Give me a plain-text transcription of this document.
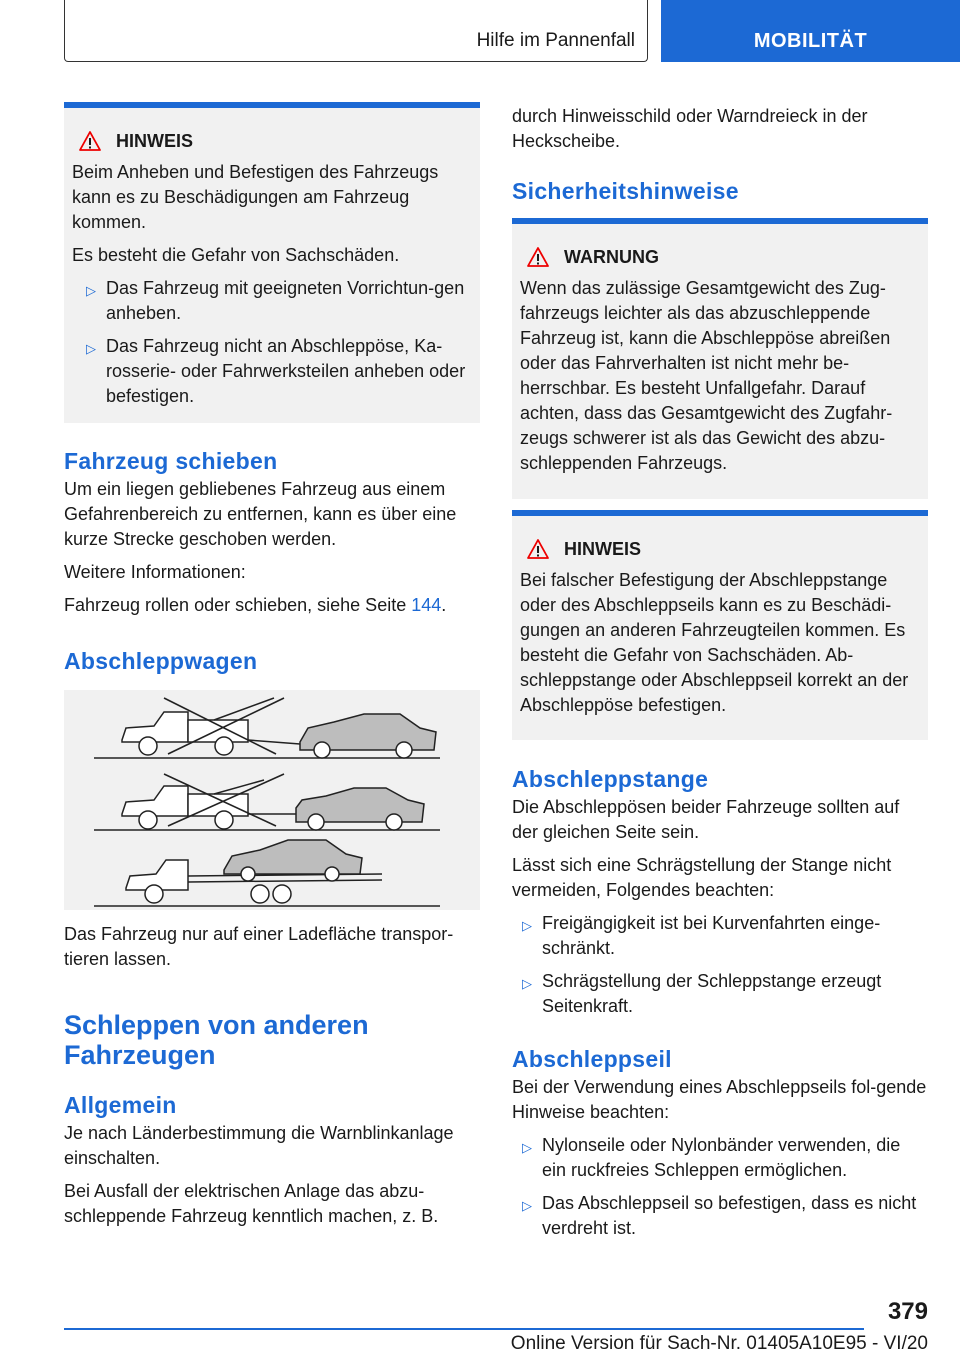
Hilfe im Pannenfall	MOBILITÄT
HINWEIS

Beim Anheben und Befestigen des Fahrzeugs kann es zu Beschädigungen am Fahrzeug kommen.

Es besteht die Gefahr von Sachschäden.

▷ Das Fahrzeug mit geeigneten Vorrichtun-gen anheben.
▷ Das Fahrzeug nicht an Abschleppöse, Ka-rosserie- oder Fahrwerksteilen anheben oder befestigen.
Fahrzeug schieben

Um ein liegen gebliebenes Fahrzeug aus einem Gefahrenbereich zu entfernen, kann es über eine kurze Strecke geschoben werden.

Weitere Informationen:

Fahrzeug rollen oder schieben, siehe Seite 144.

Abschleppwagen

Das Fahrzeug nur auf einer Ladefläche transpor-tieren lassen.

Schleppen von anderen Fahrzeugen
Allgemein

Je nach Länderbestimmung die Warnblinkanlage einschalten.

Bei Ausfall der elektrischen Anlage das abzu-schleppende Fahrzeug kenntlich machen, z. B.

durch Hinweisschild oder Warndreieck in der Heckscheibe.

Sicherheitshinweise
WARNUNG

Wenn das zulässige Gesamtgewicht des Zug-fahrzeugs leichter als das abzuschleppende Fahrzeug ist, kann die Abschleppöse abreißen oder das Fahrverhalten ist nicht mehr be-herrschbar. Es besteht Unfallgefahr. Darauf achten, dass das Gesamtgewicht des Zugfahr-zeugs schwerer ist als das Gewicht des abzu-schleppenden Fahrzeugs.

HINWEIS

Bei falscher Befestigung der Abschleppstange oder des Abschleppseils kann es zu Beschädi-gungen an anderen Fahrzeugteilen kommen. Es besteht die Gefahr von Sachschäden. Ab-schleppstange oder Abschleppseil korrekt an der Abschleppöse befestigen.

Abschleppstange

Die Abschleppösen beider Fahrzeuge sollten auf der gleichen Seite sein.

Lässt sich eine Schrägstellung der Stange nicht vermeiden, Folgendes beachten:

▷ Freigängigkeit ist bei Kurvenfahrten einge-schränkt.
▷ Schrägstellung der Schleppstange erzeugt Seitenkraft.
Abschleppseil

Bei der Verwendung eines Abschleppseils fol-gende Hinweise beachten:

▷ Nylonseile oder Nylonbänder verwenden, die ein ruckfreies Schleppen ermöglichen.
▷ Das Abschleppseil so befestigen, dass es nicht verdreht ist.
379
Online Version für Sach-Nr. 01405A10E95 - VI/20
